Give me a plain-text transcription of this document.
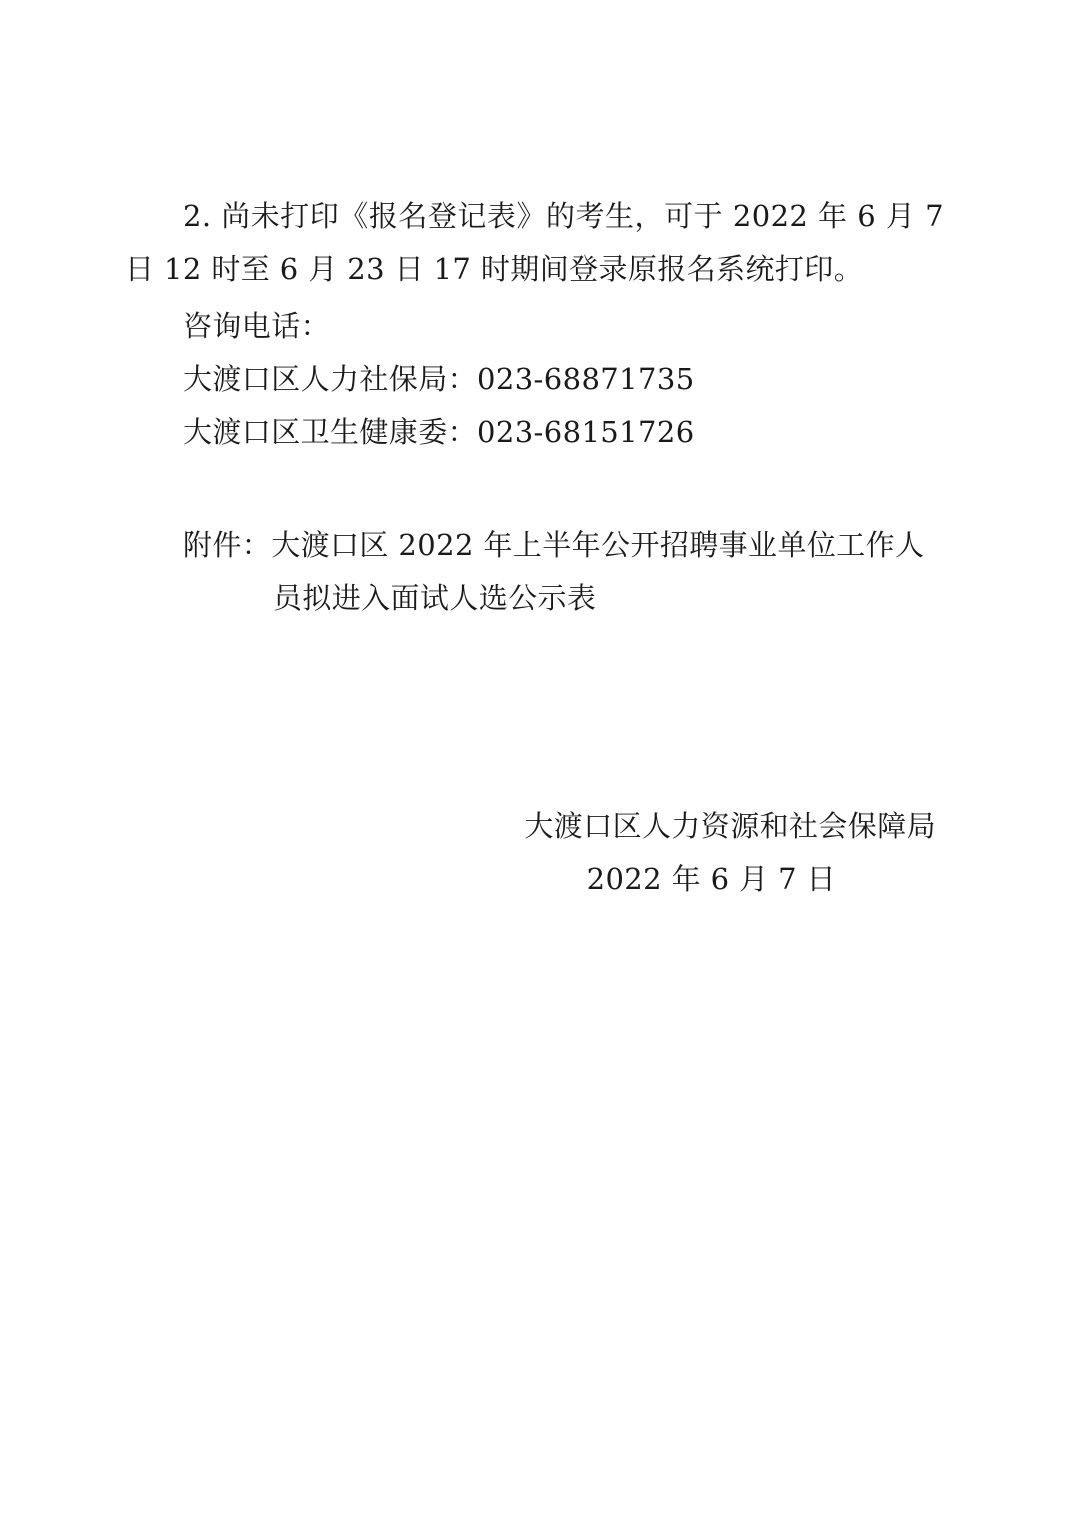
2. 尚未打印《报名登记表》的考生，可于 2022 年 6 月 7 日 12 时至 6 月 23 日 17 时期间登录原报名系统打印。

咨询电话：

大渡口区人力社保局：023-68871735

大渡口区卫生健康委：023-68151726

附件：大渡口区 2022 年上半年公开招聘事业单位工作人

员拟进入面试人选公示表

大渡口区人力资源和社会保障局

2022 年 6 月 7 日
